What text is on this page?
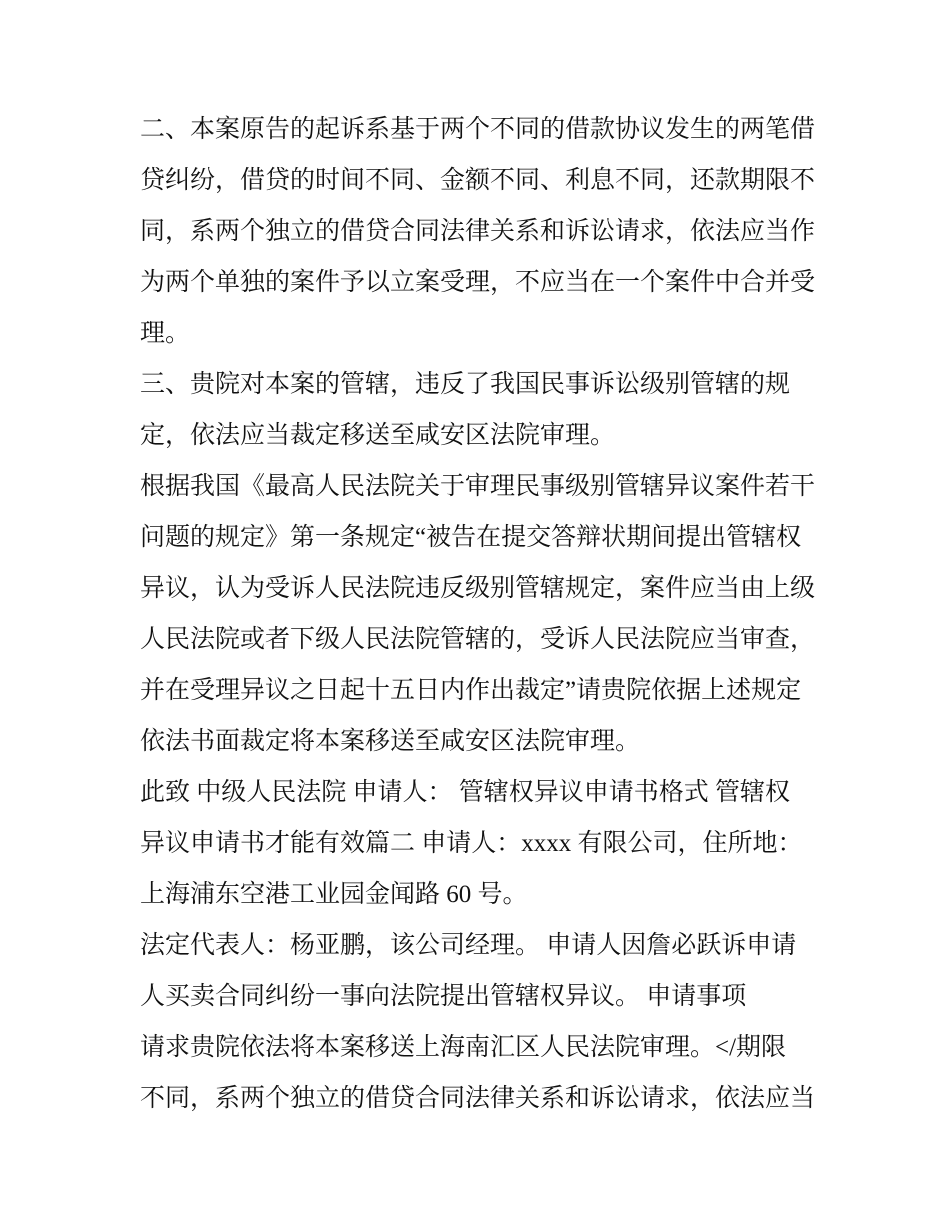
二、本案原告的起诉系基于两个不同的借款协议发生的两笔借
贷纠纷，借贷的时间不同、金额不同、利息不同，还款期限不
同，系两个独立的借贷合同法律关系和诉讼请求，依法应当作
为两个单独的案件予以立案受理，不应当在一个案件中合并受
理。
三、贵院对本案的管辖，违反了我国民事诉讼级别管辖的规
定，依法应当裁定移送至咸安区法院审理。
根据我国《最高人民法院关于审理民事级别管辖异议案件若干
问题的规定》第一条规定“被告在提交答辩状期间提出管辖权
异议，认为受诉人民法院违反级别管辖规定，案件应当由上级
人民法院或者下级人民法院管辖的，受诉人民法院应当审查，
并在受理异议之日起十五日内作出裁定”请贵院依据上述规定
依法书面裁定将本案移送至咸安区法院审理。
此致 中级人民法院 申请人： 管辖权异议申请书格式 管辖权
异议申请书才能有效篇二 申请人：xxxx 有限公司，住所地：
上海浦东空港工业园金闻路 60 号。
法定代表人：杨亚鹏，该公司经理。 申请人因詹必跃诉申请
人买卖合同纠纷一事向法院提出管辖权异议。 申请事项
请求贵院依法将本案移送上海南汇区人民法院审理。</期限
不同，系两个独立的借贷合同法律关系和诉讼请求，依法应当
